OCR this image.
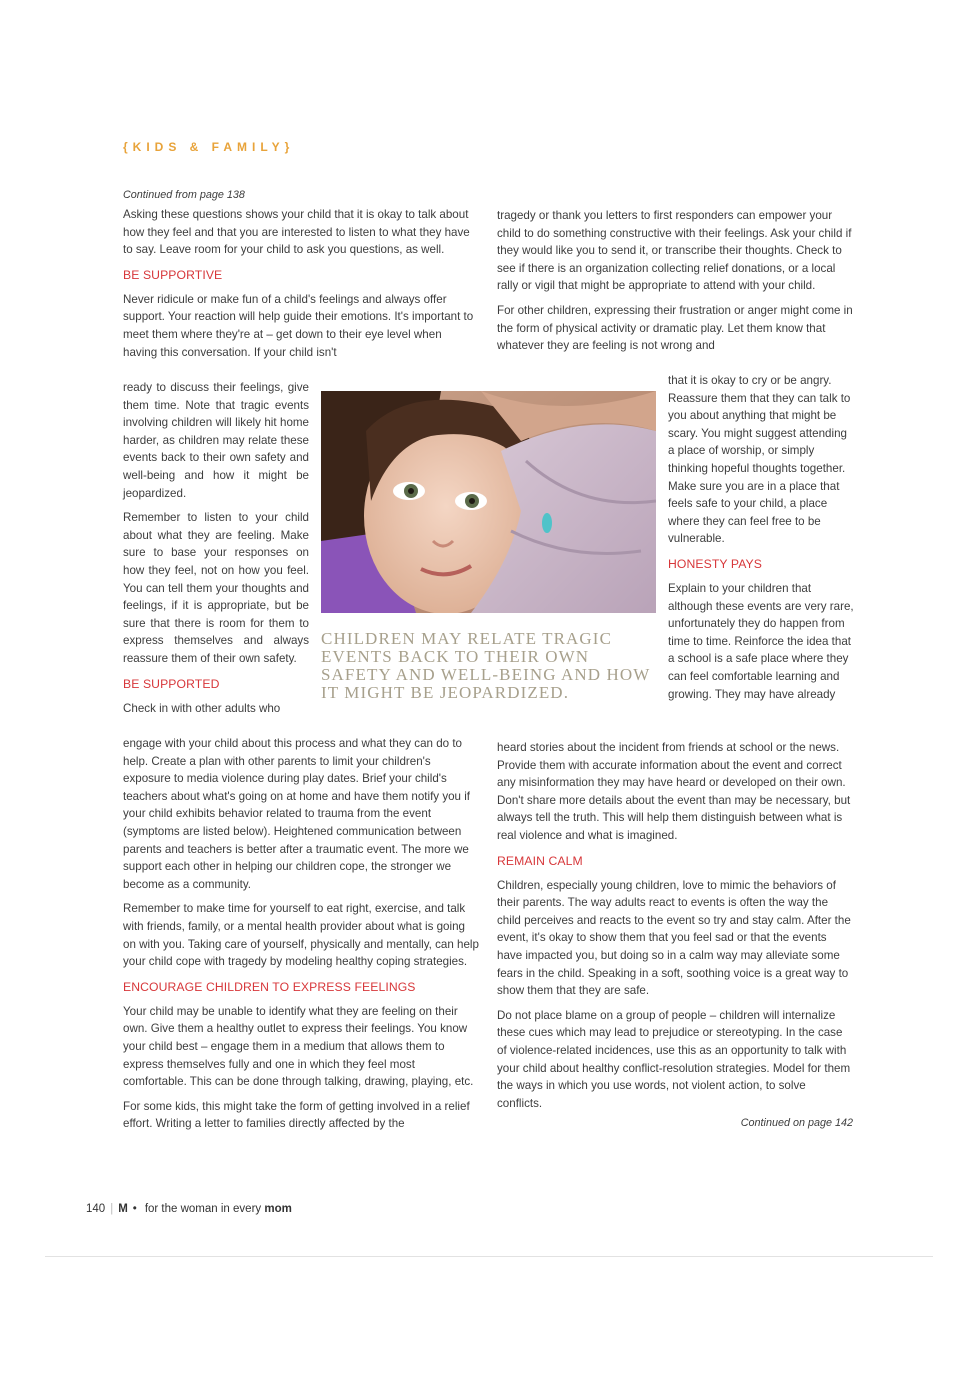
{KIDS & FAMILY}

Continued from page 138

Asking these questions shows your child that it is okay to talk about how they feel and that you are interested to listen to what they have to say. Leave room for your child to ask you questions, as well.

BE SUPPORTIVE

Never ridicule or make fun of a child's feelings and always offer support. Your reaction will help guide their emotions. It's important to meet them where they're at – get down to their eye level when having this conversation. If your child isn't

ready to discuss their feelings, give them time. Note that tragic events involving children will likely hit home harder, as children may relate these events back to their own safety and well-being and how it might be jeopardized.

Remember to listen to your child about what they are feeling. Make sure to base your responses on how they feel, not on how you feel. You can tell them your thoughts and feelings, if it is appropriate, but be sure that there is room for them to express themselves and always reassure them of their own safety.

BE SUPPORTED

Check in with other adults who

engage with your child about this process and what they can do to help. Create a plan with other parents to limit your children's exposure to media violence during play dates. Brief your child's teachers about what's going on at home and have them notify you if your child exhibits behavior related to trauma from the event (symptoms are listed below). Heightened communication between parents and teachers is better after a traumatic event. The more we support each other in helping our children cope, the stronger we become as a community.

Remember to make time for yourself to eat right, exercise, and talk with friends, family, or a mental health provider about what is going on with you. Taking care of yourself, physically and mentally, can help your child cope with tragedy by modeling healthy coping strategies.

ENCOURAGE CHILDREN TO EXPRESS FEELINGS

Your child may be unable to identify what they are feeling on their own. Give them a healthy outlet to express their feelings. You know your child best – engage them in a medium that allows them to express themselves fully and one in which they feel most comfortable. This can be done through talking, drawing, playing, etc.

For some kids, this might take the form of getting involved in a relief effort. Writing a letter to families directly affected by the

tragedy or thank you letters to first responders can empower your child to do something constructive with their feelings. Ask your child if they would like you to send it, or transcribe their thoughts. Check to see if there is an organization collecting relief donations, or a local rally or vigil that might be appropriate to attend with your child.

For other children, expressing their frustration or anger might come in the form of physical activity or dramatic play. Let them know that whatever they are feeling is not wrong and

that it is okay to cry or be angry. Reassure them that they can talk to you about anything that might be scary. You might suggest attending a place of worship, or simply thinking hopeful thoughts together. Make sure you are in a place that feels safe to your child, a place where they can feel free to be vulnerable.

HONESTY PAYS

Explain to your children that although these events are very rare, unfortunately they do happen from time to time. Reinforce the idea that a school is a safe place where they can feel comfortable learning and growing. They may have already

heard stories about the incident from friends at school or the news. Provide them with accurate information about the event and correct any misinformation they may have heard or developed on their own. Don't share more details about the event than may be necessary, but always tell the truth. This will help them distinguish between what is real violence and what is imagined.

REMAIN CALM

Children, especially young children, love to mimic the behaviors of their parents. The way adults react to events is often the way the child perceives and reacts to the event so try and stay calm. After the event, it's okay to show them that you feel sad or that the events have impacted you, but doing so in a calm way may alleviate some fears in the child. Speaking in a soft, soothing voice is a great way to show them that they are safe.

Do not place blame on a group of people – children will internalize these cues which may lead to prejudice or stereotyping. In the case of violence-related incidences, use this as an opportunity to talk with your child about healthy conflict-resolution strategies. Model for them the ways in which you use words, not violent action, to solve conflicts.

Continued on page 142

CHILDREN MAY RELATE TRAGIC EVENTS BACK TO THEIR OWN SAFETY AND WELL-BEING AND HOW IT MIGHT BE JEOPARDIZED.
140 | M • for the woman in every mom
